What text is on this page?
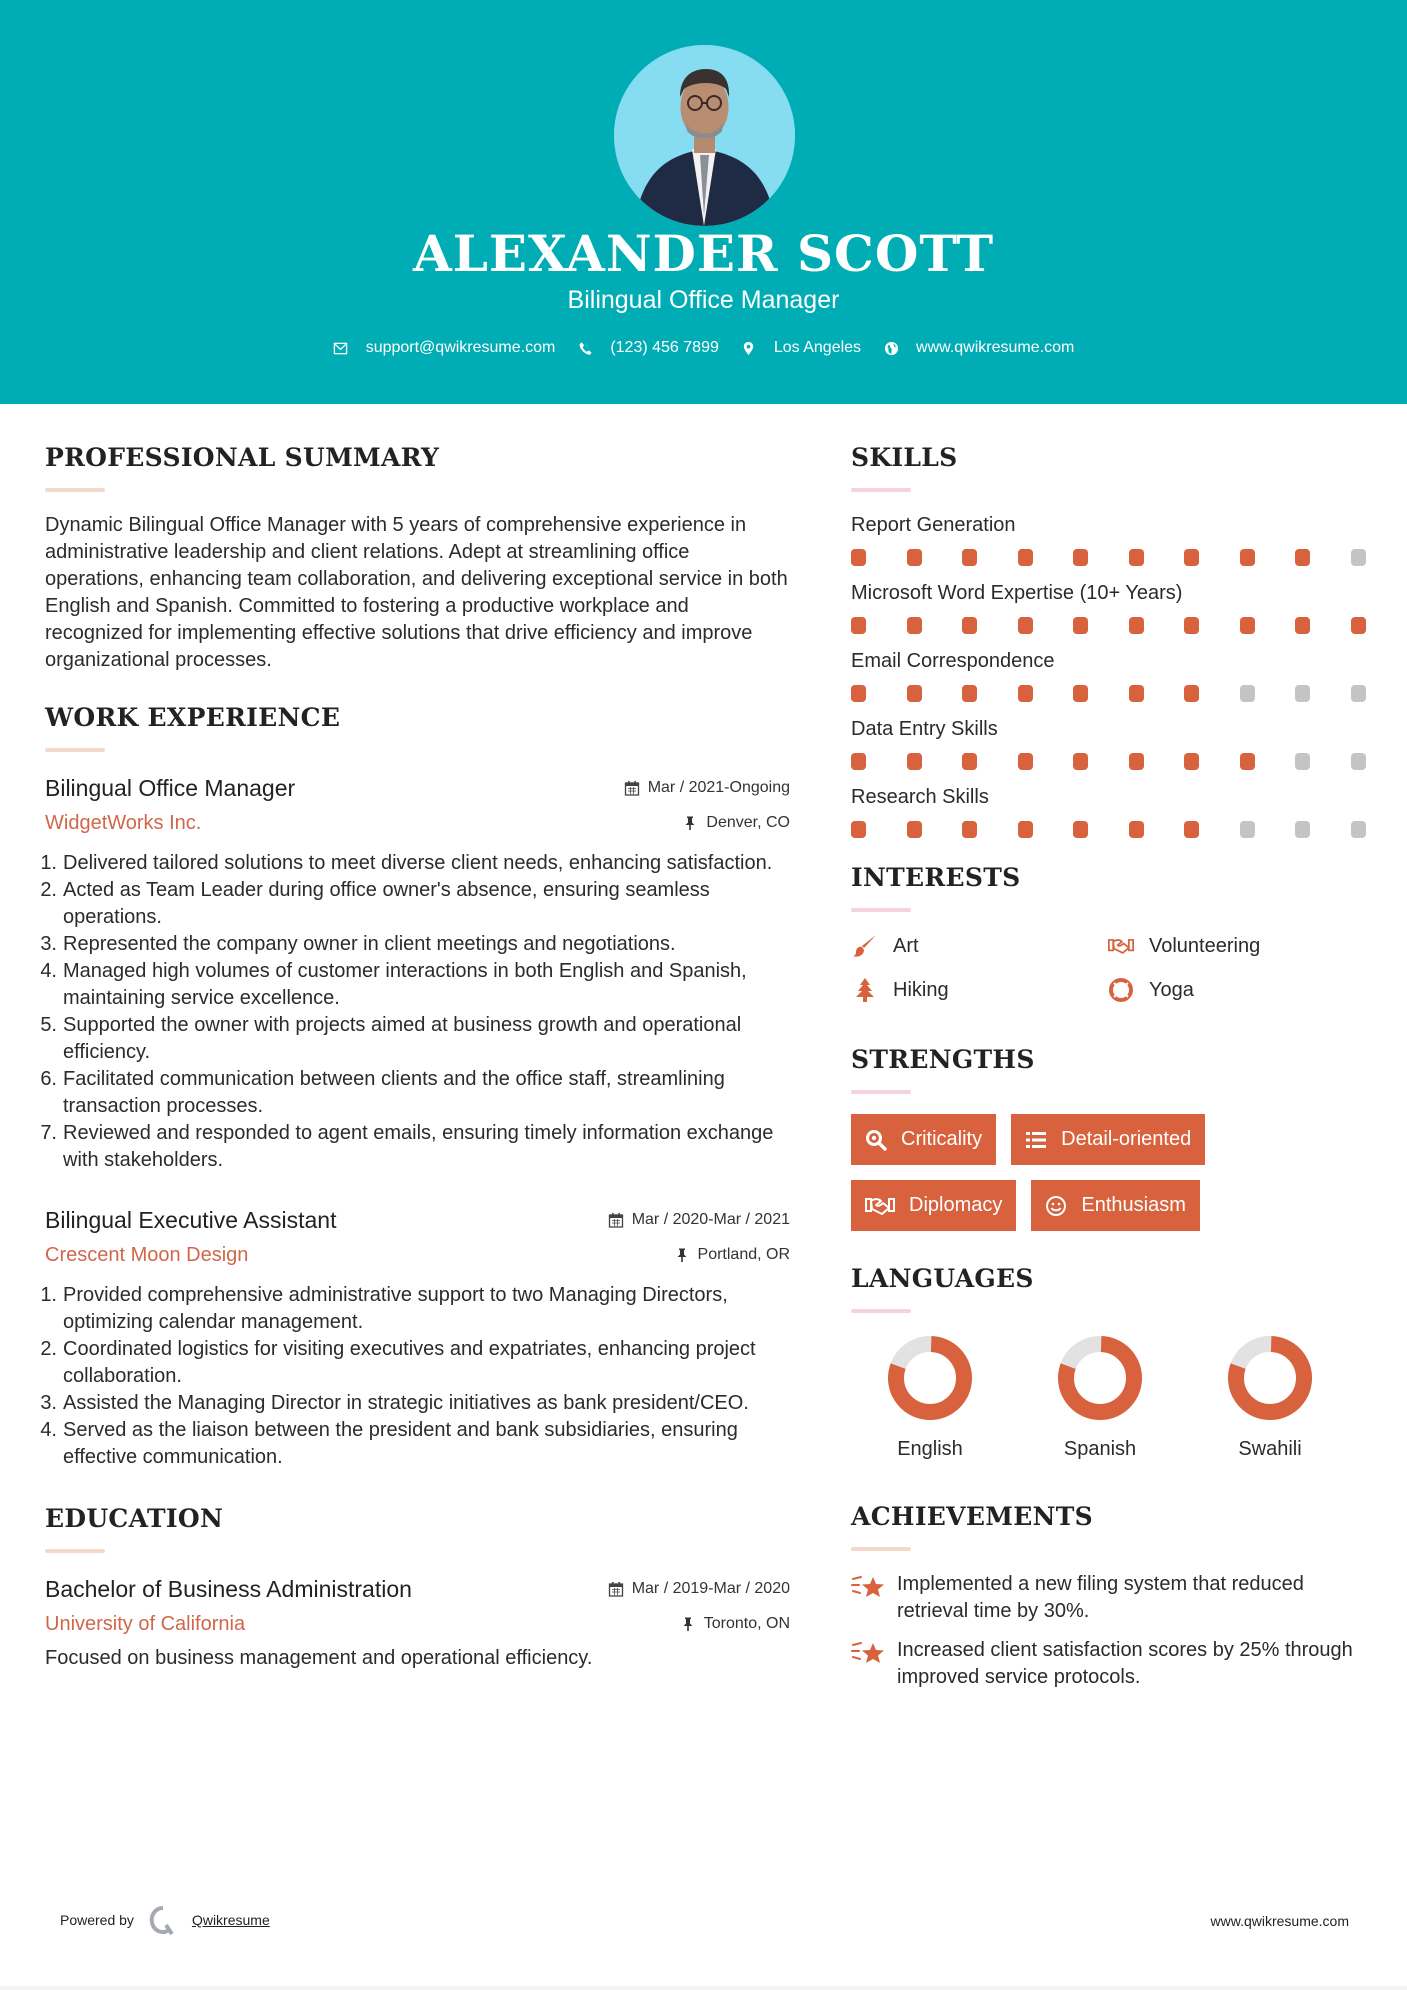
ALEXANDER SCOTT
Bilingual Office Manager
support@qwikresume.com	(123) 456 7899	Los Angeles	www.qwikresume.com
PROFESSIONAL SUMMARY

Dynamic Bilingual Office Manager with 5 years of comprehensive experience in administrative leadership and client relations. Adept at streamlining office operations, enhancing team collaboration, and delivering exceptional service in both English and Spanish. Committed to fostering a productive workplace and recognized for implementing effective solutions that drive efficiency and improve organizational processes.

WORK EXPERIENCE
Bilingual Office Manager	Mar / 2021-Ongoing
WidgetWorks Inc.	Denver, CO
1. Delivered tailored solutions to meet diverse client needs, enhancing satisfaction.
2. Acted as Team Leader during office owner's absence, ensuring seamless operations.
3. Represented the company owner in client meetings and negotiations.
4. Managed high volumes of customer interactions in both English and Spanish, maintaining service excellence.
5. Supported the owner with projects aimed at business growth and operational efficiency.
6. Facilitated communication between clients and the office staff, streamlining transaction processes.
7. Reviewed and responded to agent emails, ensuring timely information exchange with stakeholders.
Bilingual Executive Assistant	Mar / 2020-Mar / 2021
Crescent Moon Design	Portland, OR
1. Provided comprehensive administrative support to two Managing Directors, optimizing calendar management.
2. Coordinated logistics for visiting executives and expatriates, enhancing project collaboration.
3. Assisted the Managing Director in strategic initiatives as bank president/CEO.
4. Served as the liaison between the president and bank subsidiaries, ensuring effective communication.
EDUCATION
Bachelor of Business Administration	Mar / 2019-Mar / 2020
University of California	Toronto, ON

Focused on business management and operational efficiency.

SKILLS
Report Generation
Microsoft Word Expertise (10+ Years)
Email Correspondence
Data Entry Skills
Research Skills
INTERESTS
Art	Volunteering
Hiking	Yoga
STRENGTHS
Criticality	Detail-oriented
Diplomacy	Enthusiasm
LANGUAGES
English	Spanish	Swahili
ACHIEVEMENTS
Implemented a new filing system that reduced retrieval time by 30%.
Increased client satisfaction scores by 25% through improved service protocols.
Powered by	Qwikresume	www.qwikresume.com
